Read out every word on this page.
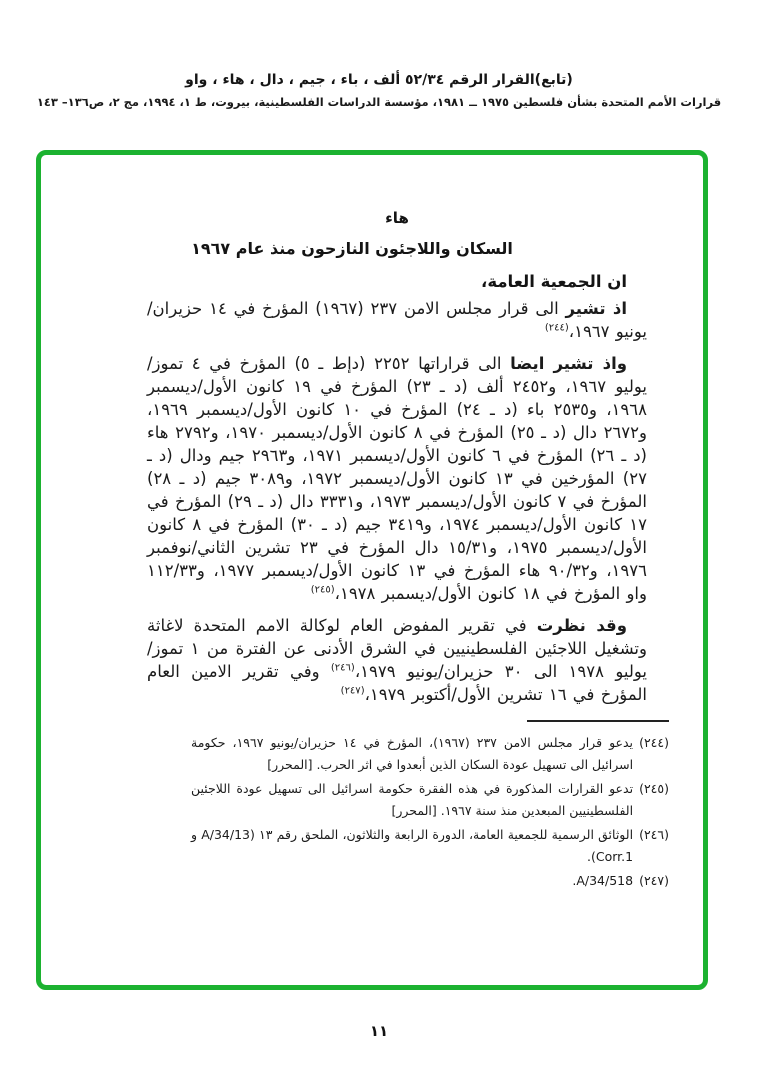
(تابع)القرار الرقم ٥٢/٣٤ ألف ، باء ، جيم ، دال ، هاء ، واو
قرارات الأمم المتحدة بشأن فلسطين ١٩٧٥ ــ ١٩٨١، مؤسسة الدراسات الفلسطينية، بيروت، ط ١، ١٩٩٤، مج ٢، ص١٣٦– ١٤٣
هاء
السكان واللاجئون النازحون منذ عام ١٩٦٧
ان الجمعية العامة،
اذ تشير الى قرار مجلس الامن ٢٣٧ (١٩٦٧) المؤرخ في ١٤ حزيران/يونيو ١٩٦٧،$^{(٢٤٤)}$
واذ تشير ايضا الى قراراتها ٢٢٥٢ (دإط ـ ٥) المؤرخ في ٤ تموز/يوليو ١٩٦٧، و٢٤٥٢ ألف (د ـ ٢٣) المؤرخ في ١٩ كانون الأول/ديسمبر ١٩٦٨، و٢٥٣٥ باء (د ـ ٢٤) المؤرخ في ١٠ كانون الأول/ديسمبر ١٩٦٩، و٢٦٧٢ دال (د ـ ٢٥) المؤرخ في ٨ كانون الأول/ديسمبر ١٩٧٠، و٢٧٩٢ هاء (د ـ ٢٦) المؤرخ في ٦ كانون الأول/ديسمبر ١٩٧١، و٢٩٦٣ جيم ودال (د ـ ٢٧) المؤرخين في ١٣ كانون الأول/ديسمبر ١٩٧٢، و٣٠٨٩ جيم (د ـ ٢٨) المؤرخ في ٧ كانون الأول/ديسمبر ١٩٧٣، و٣٣٣١ دال (د ـ ٢٩) المؤرخ في ١٧ كانون الأول/ديسمبر ١٩٧٤، و٣٤١٩ جيم (د ـ ٣٠) المؤرخ في ٨ كانون الأول/ديسمبر ١٩٧٥، و١٥/٣١ دال المؤرخ في ٢٣ تشرين الثاني/نوفمبر ١٩٧٦، و٩٠/٣٢ هاء المؤرخ في ١٣ كانون الأول/ديسمبر ١٩٧٧، و١١٢/٣٣ واو المؤرخ في ١٨ كانون الأول/ديسمبر ١٩٧٨،$^{(٢٤٥)}$
وقد نظرت في تقرير المفوض العام لوكالة الامم المتحدة لاغاثة وتشغيل اللاجئين الفلسطينيين في الشرق الأدنى عن الفترة من ١ تموز/يوليو ١٩٧٨ الى ٣٠ حزيران/يونيو ١٩٧٩،$^{(٢٤٦)}$ وفي تقرير الامين العام المؤرخ في ١٦ تشرين الأول/أكتوبر ١٩٧٩،$^{(٢٤٧)}$
(٢٤٤)
يدعو قرار مجلس الامن ٢٣٧ (١٩٦٧)، المؤرخ في ١٤ حزيران/يونيو ١٩٦٧، حكومة اسرائيل الى تسهيل عودة السكان الذين أبعدوا في اثر الحرب. [المحرر]
(٢٤٥)
تدعو القرارات المذكورة في هذه الفقرة حكومة اسرائيل الى تسهيل عودة اللاجئين الفلسطينيين المبعدين منذ سنة ١٩٦٧. [المحرر]
(٢٤٦)
الوثائق الرسمية للجمعية العامة، الدورة الرابعة والثلاثون، الملحق رقم ١٣ (A/34/13 و Corr.1).
(٢٤٧)
A/34/518.
١١
